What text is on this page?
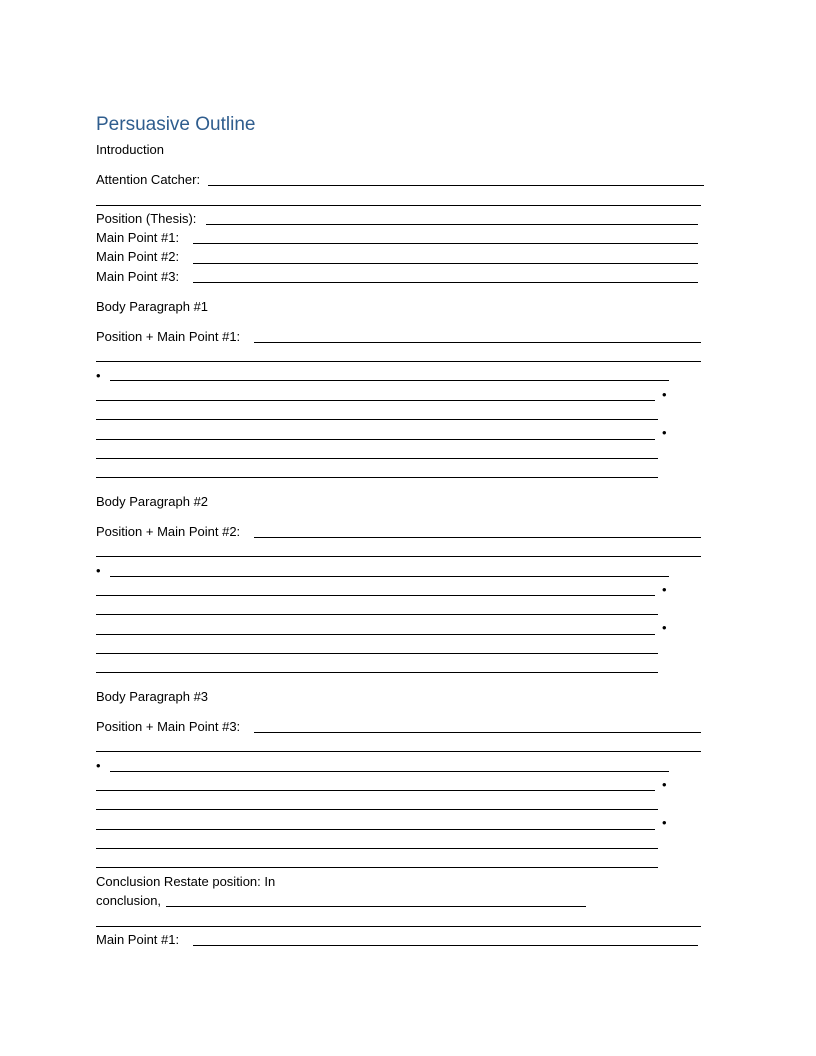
Persuasive Outline
Introduction
Attention Catcher:
Position (Thesis):
Main Point #1:
Main Point #2:
Main Point #3:
Body Paragraph #1
Position + Main Point #1:
•
•
•
Body Paragraph #2
Position + Main Point #2:
•
•
•
Body Paragraph #3
Position + Main Point #3:
•
•
•
Conclusion Restate position: In
conclusion,
Main Point #1:
